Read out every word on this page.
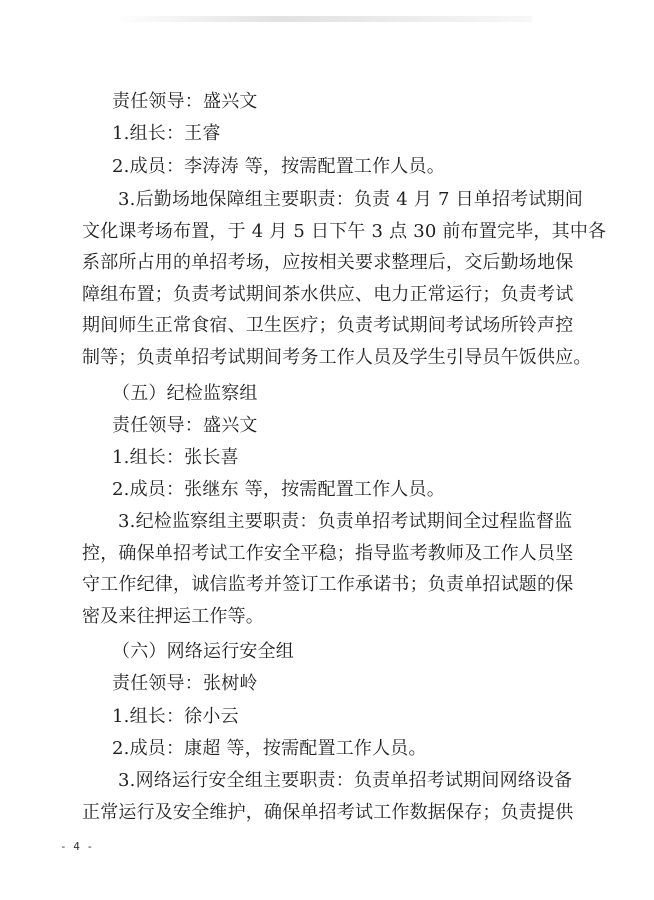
责任领导：盛兴文

1.组长：王睿

2.成员：李涛涛 等，按需配置工作人员。

3.后勤场地保障组主要职责：负责 4 月 7 日单招考试期间
文化课考场布置，于 4 月 5 日下午 3 点 30 前布置完毕，其中各
系部所占用的单招考场，应按相关要求整理后，交后勤场地保
障组布置；负责考试期间茶水供应、电力正常运行；负责考试
期间师生正常食宿、卫生医疗；负责考试期间考试场所铃声控
制等；负责单招考试期间考务工作人员及学生引导员午饭供应。

（五）纪检监察组

责任领导：盛兴文

1.组长：张长喜

2.成员：张继东 等，按需配置工作人员。

3.纪检监察组主要职责：负责单招考试期间全过程监督监
控，确保单招考试工作安全平稳；指导监考教师及工作人员坚
守工作纪律，诚信监考并签订工作承诺书；负责单招试题的保
密及来往押运工作等。

（六）网络运行安全组

责任领导：张树岭

1.组长：徐小云

2.成员：康超 等，按需配置工作人员。

3.网络运行安全组主要职责：负责单招考试期间网络设备
正常运行及安全维护，确保单招考试工作数据保存；负责提供
- 4 -
